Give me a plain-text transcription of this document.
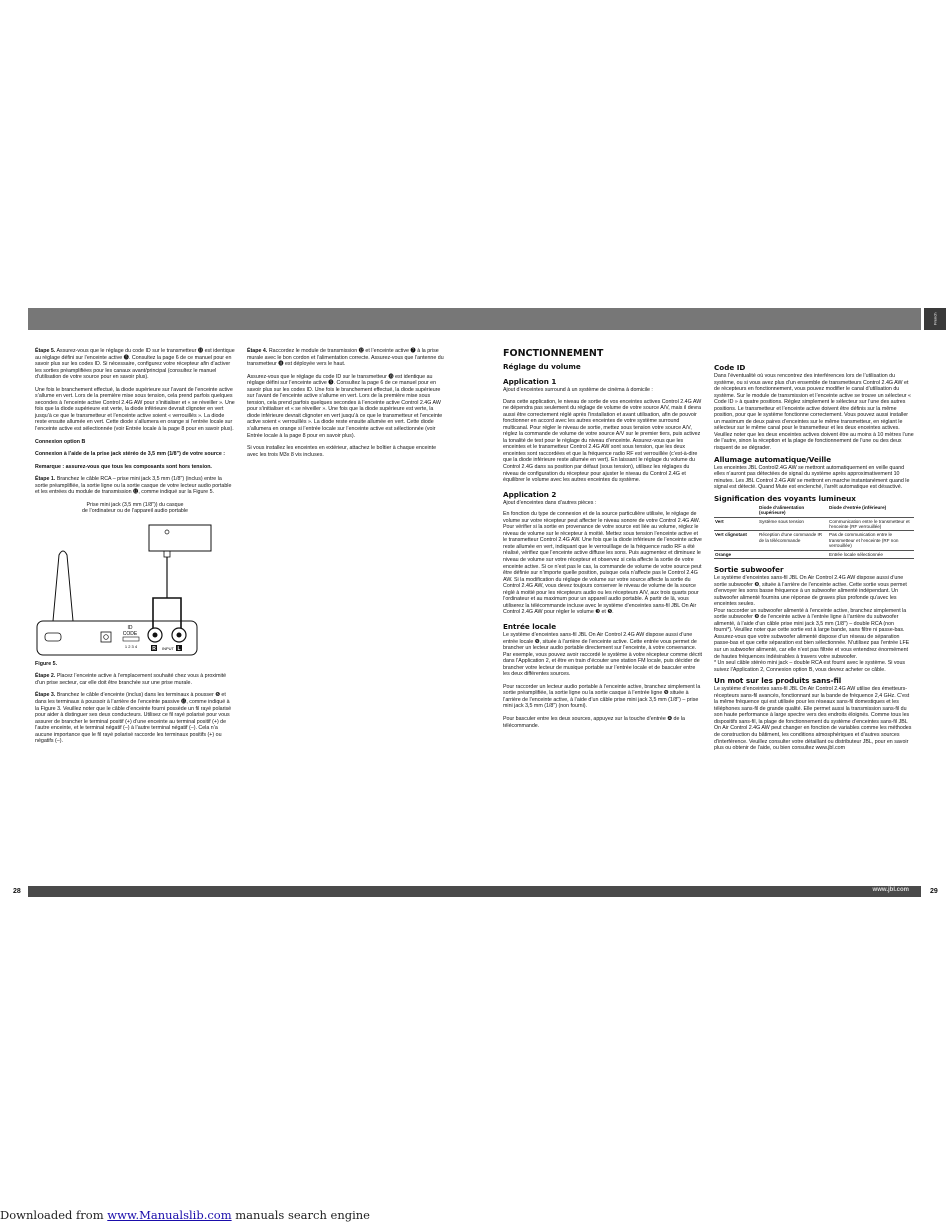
French

Étape 5. Assurez-vous que le réglage du code ID sur le transmetteur ⓭ est identique au réglage défini sur l’enceinte active ❺. Consultez la page 6 de ce manuel pour en savoir plus sur les codes ID. Si nécessaire, configurez votre récepteur afin d’activer les sorties préamplifiées pour les canaux avant/principal (consultez le manuel d’utilisation de votre source pour en savoir plus).

Une fois le branchement effectué, la diode supérieure sur l’avant de l’enceinte active s’allume en vert. Lors de la première mise sous tension, cela prend parfois quelques secondes à l’enceinte active Control 2.4G AW pour s’initialiser et « se réveiller ». Une fois que la diode supérieure est verte, la diode inférieure devrait clignoter en vert jusqu’à ce que le transmetteur et l’enceinte active soient « verrouillés ». La diode reste ensuite allumée en vert. Cette diode s’allumera en orange si l’entrée locale sur l’enceinte active est sélectionnée (voir Entrée locale à la page 8 pour en savoir plus).

Connexion option B

Connexion à l’aide de la prise jack stéréo de 3,5 mm (1/8") de votre source :

Remarque : assurez-vous que tous les composants sont hors tension.

Étape 1. Branchez le câble RCA – prise mini jack 3,5 mm (1/8") (inclus) entre la sortie préamplifiée, la sortie ligne ou la sortie casque de votre lecteur audio portable et les entrées du module de transmission ⓬, comme indiqué sur la Figure 5.

Prise mini jack (3,5 mm (1/8")) du casque
de l’ordinateur ou de l’appareil audio portable
ID
CODE
1 2 3 4	R INPUT L

Figure 5.

Étape 2. Placez l’enceinte active à l’emplacement souhaité chez vous à proximité d’un prise secteur, car elle doit être branchée sur une prise murale.

Étape 3. Branchez le câble d’enceinte (inclus) dans les terminaux à pousser ❻ et dans les terminaux à poussoir à l’arrière de l’enceinte passive ⓯, comme indiqué à la Figure 3. Veuillez noter que le câble d’enceinte fourni possède un fil rayé polarisé pour aider à distinguer ses deux conducteurs. Utilisez ce fil rayé polarisé pour vous assurer de brancher le terminal positif (+) d’une enceinte au terminal positif (+) de l’autre enceinte, et le terminal négatif (–) à l’autre terminal négatif (–). Cela n’a aucune importance que le fil rayé polarisé raccorde les terminaux positifs (+) ou négatifs (–).

Étape 4. Raccordez le module de transmission ⓬ et l’enceinte active ❼ à la prise murale avec le bon cordon et l’alimentation correcte. Assurez-vous que l’antenne du transmetteur ⓫ est déployée vers le haut.

Assurez-vous que le réglage du code ID sur le transmetteur ⓭ est identique au réglage défini sur l’enceinte active ❺. Consultez la page 6 de ce manuel pour en savoir plus sur les codes ID. Une fois le branchement effectué, la diode supérieure sur l’avant de l’enceinte active s’allume en vert. Lors de la première mise sous tension, cela prend parfois quelques secondes à l’enceinte active Control 2.4G AW pour s’initialiser et « se réveiller ». Une fois que la diode supérieure est verte, la diode inférieure devrait clignoter en vert jusqu’à ce que le transmetteur et l’enceinte active soient « verrouillés ». La diode reste ensuite allumée en vert. Cette diode s’allumera en orange si l’entrée locale sur l’enceinte active est sélectionnée (voir Entrée locale à la page 8 pour en savoir plus).

Si vous installez les enceintes en extérieur, attachez le boîtier à chaque enceinte avec les trois M3x 8 vis incluses.

FONCTIONNEMENT
Réglage du volume
Application 1

Ajout d’enceintes surround à un système de cinéma à domicile :

Dans cette application, le niveau de sortie de vos enceintes actives Control 2.4G AW ne dépendra pas seulement du réglage de volume de votre source A/V, mais il devra aussi être correctement réglé après l’installation et avant utilisation, afin de pouvoir fonctionner en accord avec les autres enceintes de votre système surround multicanal. Pour régler le niveau de sortie, mettez sous tension votre source A/V, réglez la commande de volume de votre source A/V sur le premier tiers, puis activez la tonalité de test pour le réglage du niveau d’enceinte. Assurez-vous que les enceintes et le transmetteur Control 2.4G AW sont sous tension, que les deux enceintes sont raccordées et que la fréquence radio RF est verrouillée (c’est-à-dire que la diode inférieure reste allumée en vert). En laissant le réglage du volume du Control 2.4G dans sa position par défaut (sous tension), utilisez les réglages du niveau de configuration du récepteur pour ajuster le niveau du Control 2.4G et équilibrer le volume avec les autres enceintes du système.

Application 2

Ajout d’enceintes dans d’autres pièces :

En fonction du type de connexion et de la source particulière utilisée, le réglage de volume sur votre récepteur peut affecter le niveau sonore de votre Control 2.4G AW. Pour vérifier si la sortie en provenance de votre source est liée au volume, réglez le niveau de volume sur le récepteur à moitié. Mettez sous tension l’enceinte active et le transmetteur Control 2.4G AW. Une fois que la diode inférieure de l’enceinte active reste allumée en vert, indiquant que le verrouillage de la fréquence radio RF a été réalisé, vérifiez que l’enceinte active diffuse les sons. Puis augmentez et diminuez le niveau de volume sur votre récepteur et observez si cela affecte la sortie de votre enceinte active. Si ce n’est pas le cas, la commande de volume de votre source peut être définie sur n’importe quelle position, puisque cela n’affecte pas le Control 2.4G AW. Si la modification du réglage de volume sur votre source affecte la sortie du Control 2.4G AW, vous devez toujours conserver le niveau de volume de la source réglé à moitié pour les récepteurs audio ou les récepteurs A/V, aux trois quarts pour l’ordinateur et au maximum pour un appareil audio portable. À partir de là, vous utiliserez la télécommande incluse avec le système d’enceintes sans-fil JBL On Air Control 2.4G AW pour régler le volume ❸ et ❺.

Entrée locale

Le système d’enceintes sans-fil JBL On Air Control 2.4G AW dispose aussi d’une entrée locale ❾, située à l’arrière de l’enceinte active. Cette entrée vous permet de brancher un lecteur audio portable directement sur l’enceinte, à votre convenance. Par exemple, vous pouvez avoir raccordé le système à votre récepteur comme décrit dans l’Application 2, et être en train d’écouter une station FM locale, puis décider de brancher votre lecteur de musique portable sur l’entrée locale et de basculer entre les deux différentes sources.

Pour raccorder un lecteur audio portable à l’enceinte active, branchez simplement la sortie préamplifiée, la sortie ligne ou la sortie casque à l’entrée ligne ❾ située à l’arrière de l’enceinte active, à l’aide d’un câble prise mini jack 3,5 mm (1/8") – prise mini jack 3,5 mm (1/8") (non fourni).

Pour basculer entre les deux sources, appuyez sur la touche d’entrée ❹ de la télécommande.

Code ID

Dans l’éventualité où vous rencontrez des interférences lors de l’utilisation du système, ou si vous avez plus d’un ensemble de transmetteurs Control 2.4G AW et de récepteurs en fonctionnement, vous pouvez modifier le canal d’utilisation du système. Sur le module de transmission et l’enceinte active se trouve un sélecteur « Code ID » à quatre positions. Réglez simplement le sélecteur sur l’une des autres positions. Le transmetteur et l’enceinte active doivent être définis sur la même position, pour que le système fonctionne correctement. Vous pouvez aussi installer un maximum de deux paires d’enceintes sur le même transmetteur, en réglant le sélecteur sur le même canal pour le transmetteur et les deux enceintes actives. Veuillez noter que les deux enceintes actives doivent être au moins à 10 mètres l’une de l’autre, sinon la réception et la plage de fonctionnement de l’une ou des deux risquent de se dégrader.

Allumage automatique/Veille

Les enceintes JBL Control2.4G AW se mettront automatiquement en veille quand elles n’auront pas détectées de signal du système après approximativement 10 minutes. Les JBL Control 2.4G AW se mettront en marche instantanément quand le signal est détecté. Quand Mute est enclenché, l’arrêt automatique est désactivé.

Signification des voyants lumineux
	Diode d’alimentation (supérieure)	Diode d’entrée (inférieure)
Vert	Système sous tension	Communication entre le transmetteur et l’enceinte (RF verrouillée)
Vert clignotant	Réception d’une commande IR de la télécommande	Pas de communication entre le transmetteur et l’enceinte (RF non verrouillée)
Orange		Entrée locale sélectionnée
Sortie subwoofer

Le système d’enceintes sans-fil JBL On Air Control 2.4G AW dispose aussi d’une sortie subwoofer ❽, située à l’arrière de l’enceinte active. Cette sortie vous permet d’envoyer les sons basse fréquence à un subwoofer alimenté indépendant. Un subwoofer alimenté fournira une réponse de graves plus profonde qu’avec les enceintes seules.

Pour raccorder un subwoofer alimenté à l’enceinte active, branchez simplement la sortie subwoofer ❽ de l’enceinte active à l’entrée ligne à l’arrière du subwoofer alimenté, à l’aide d’un câble prise mini jack 3,5 mm (1/8") – double RCA (non fourni*). Veuillez noter que cette sortie est à large bande, sans filtre ni passe-bas. Assurez-vous que votre subwoofer alimenté dispose d’un réseau de séparation passe-bas et que cette séparation est bien sélectionnée. N’utilisez pas l’entrée LFE sur un subwoofer alimenté, car elle n’est pas filtrée et vous entendrez énormément de hautes fréquences indésirables à travers votre subwoofer.

* Un seul câble stéréo mini jack – double RCA est fourni avec le système. Si vous suivez l’Application 2, Connexion option B, vous devrez acheter ce câble.

Un mot sur les produits sans-fil

Le système d’enceintes sans-fil JBL On Air Control 2.4G AW utilise des émetteurs-récepteurs sans-fil avancés, fonctionnant sur la bande de fréquence 2,4 GHz. C’est la même fréquence qui est utilisée pour les réseaux sans-fil domestiques et les téléphones sans-fil de grande qualité. Elle permet aussi la transmission sans-fil du son haute performance à large spectre vers des endroits éloignés. Comme tous les dispositifs sans-fil, la plage de fonctionnement du système d’enceintes sans-fil JBL On Air Control 2.4G AW peut changer en fonction de variables comme les méthodes de construction du bâtiment, les conditions atmosphériques et d’autres sources d’interférence. Veuillez consulter votre détaillant ou distributeur JBL, pour en savoir plus ou obtenir de l’aide, ou bien consultez www.jbl.com

www.jbl.com
28	29
Downloaded from www.Manualslib.com manuals search engine
